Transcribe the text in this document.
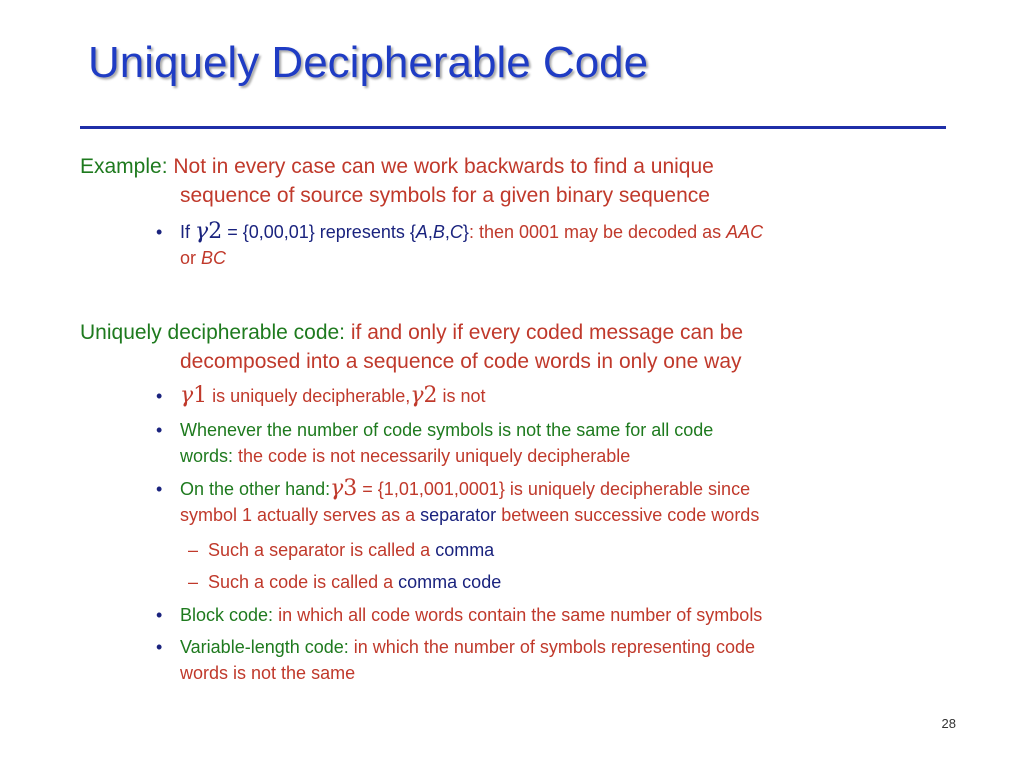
Uniquely Decipherable Code
Example: Not in every case can we work backwards to find a unique
sequence of source symbols for a given binary sequence
• If γ2 = {0,00,01} represents {A,B,C}: then 0001 may be decoded as AAC
or BC
Uniquely decipherable code: if and only if every coded message can be
decomposed into a sequence of code words in only one way
• γ1 is uniquely decipherable,γ2 is not
• Whenever the number of code symbols is not the same for all code
words: the code is not necessarily uniquely decipherable
• On the other hand:γ3 = {1,01,001,0001} is uniquely decipherable since
symbol 1 actually serves as a separator between successive code words
– Such a separator is called a comma
– Such a code is called a comma code
• Block code: in which all code words contain the same number of symbols
• Variable-length code: in which the number of symbols representing code
words is not the same
28
